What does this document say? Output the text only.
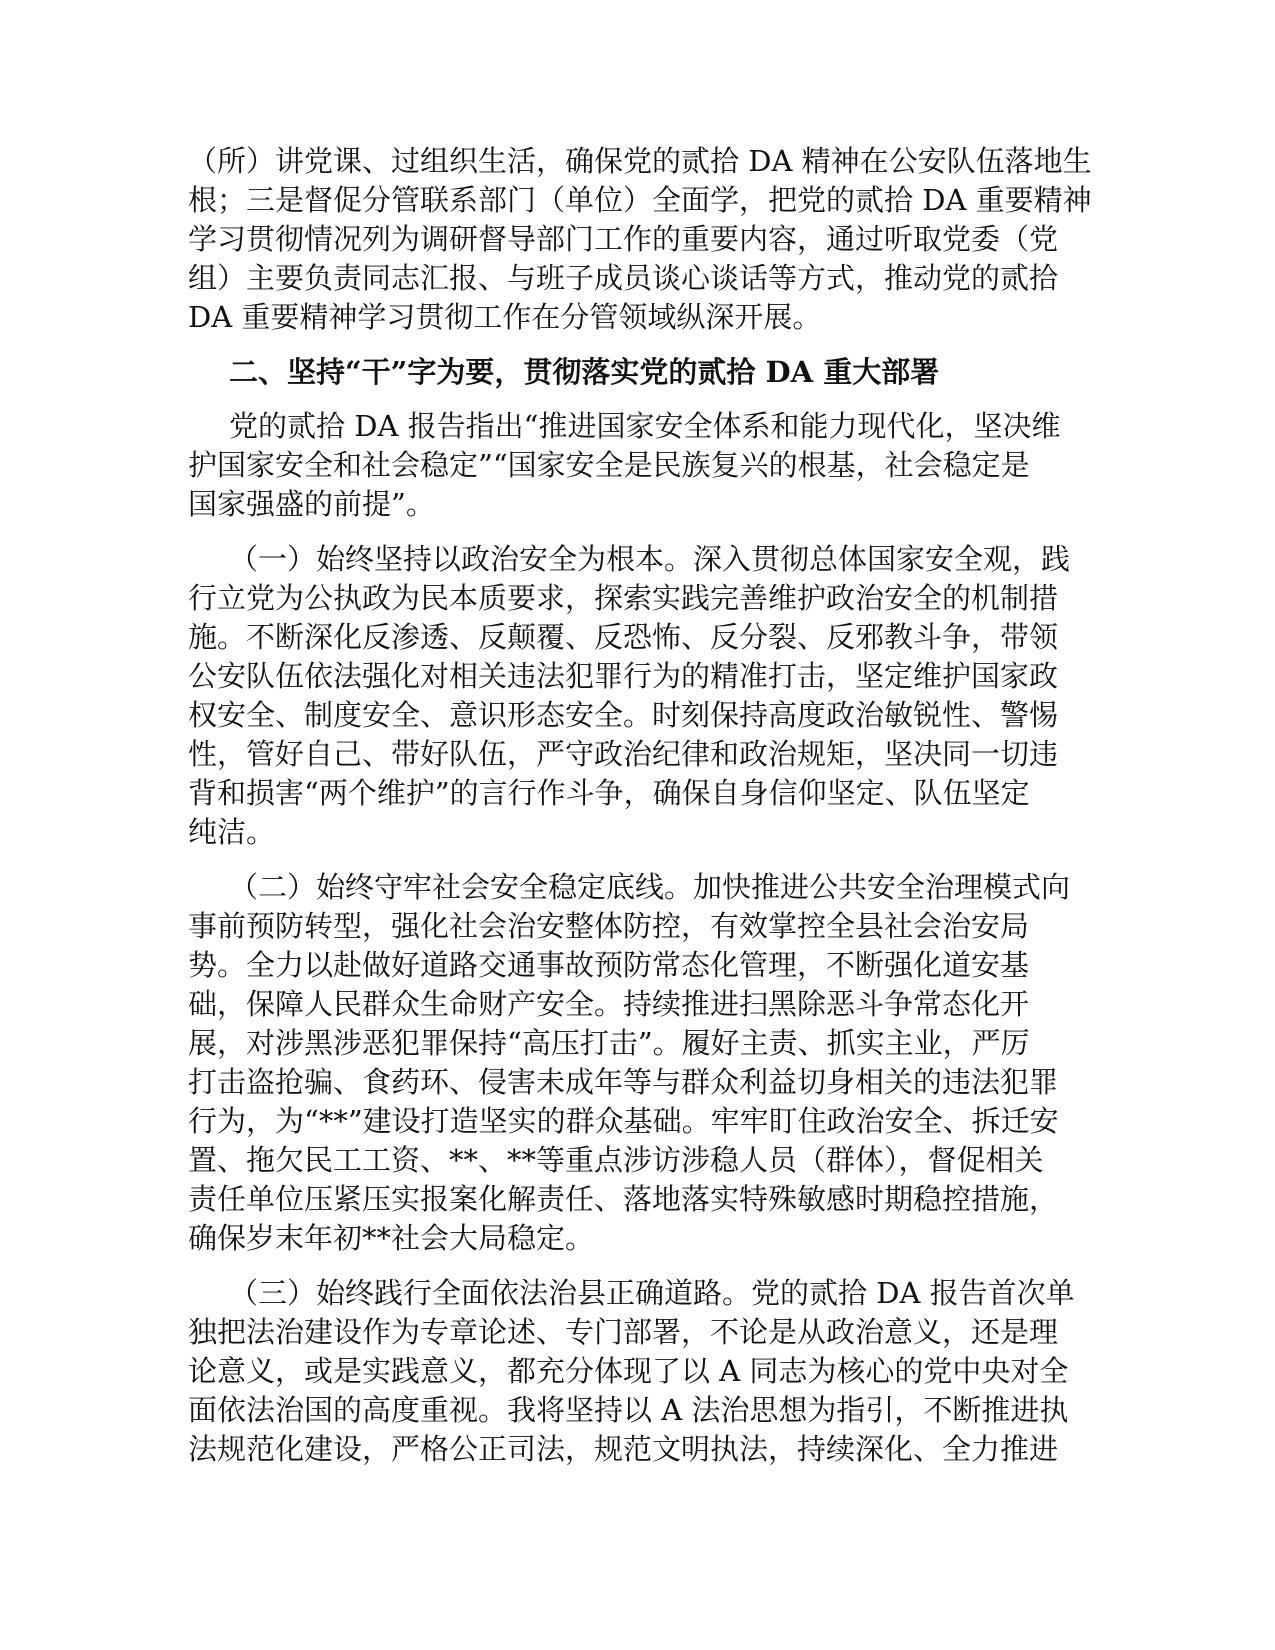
（所）讲党课、过组织生活，确保党的贰拾 DA 精神在公安队伍落地生

根；三是督促分管联系部门（单位）全面学，把党的贰拾 DA 重要精神

学习贯彻情况列为调研督导部门工作的重要内容，通过听取党委（党

组）主要负责同志汇报、与班子成员谈心谈话等方式，推动党的贰拾

DA 重要精神学习贯彻工作在分管领域纵深开展。

二、坚持“干”字为要，贯彻落实党的贰拾 DA 重大部署

党的贰拾 DA 报告指出“推进国家安全体系和能力现代化，坚决维

护国家安全和社会稳定”“国家安全是民族复兴的根基，社会稳定是

国家强盛的前提”。

（一）始终坚持以政治安全为根本。深入贯彻总体国家安全观，践

行立党为公执政为民本质要求，探索实践完善维护政治安全的机制措

施。不断深化反渗透、反颠覆、反恐怖、反分裂、反邪教斗争，带领

公安队伍依法强化对相关违法犯罪行为的精准打击，坚定维护国家政

权安全、制度安全、意识形态安全。时刻保持高度政治敏锐性、警惕

性，管好自己、带好队伍，严守政治纪律和政治规矩，坚决同一切违

背和损害“两个维护”的言行作斗争，确保自身信仰坚定、队伍坚定

纯洁。

（二）始终守牢社会安全稳定底线。加快推进公共安全治理模式向

事前预防转型，强化社会治安整体防控，有效掌控全县社会治安局

势。全力以赴做好道路交通事故预防常态化管理，不断强化道安基

础，保障人民群众生命财产安全。持续推进扫黑除恶斗争常态化开

展，对涉黑涉恶犯罪保持“高压打击”。履好主责、抓实主业，严厉

打击盗抢骗、食药环、侵害未成年等与群众利益切身相关的违法犯罪

行为，为“**”建设打造坚实的群众基础。牢牢盯住政治安全、拆迁安

置、拖欠民工工资、**、**等重点涉访涉稳人员（群体），督促相关

责任单位压紧压实报案化解责任、落地落实特殊敏感时期稳控措施，

确保岁末年初**社会大局稳定。

（三）始终践行全面依法治县正确道路。党的贰拾 DA 报告首次单

独把法治建设作为专章论述、专门部署，不论是从政治意义，还是理

论意义，或是实践意义，都充分体现了以 A 同志为核心的党中央对全

面依法治国的高度重视。我将坚持以 A 法治思想为指引，不断推进执

法规范化建设，严格公正司法，规范文明执法，持续深化、全力推进
